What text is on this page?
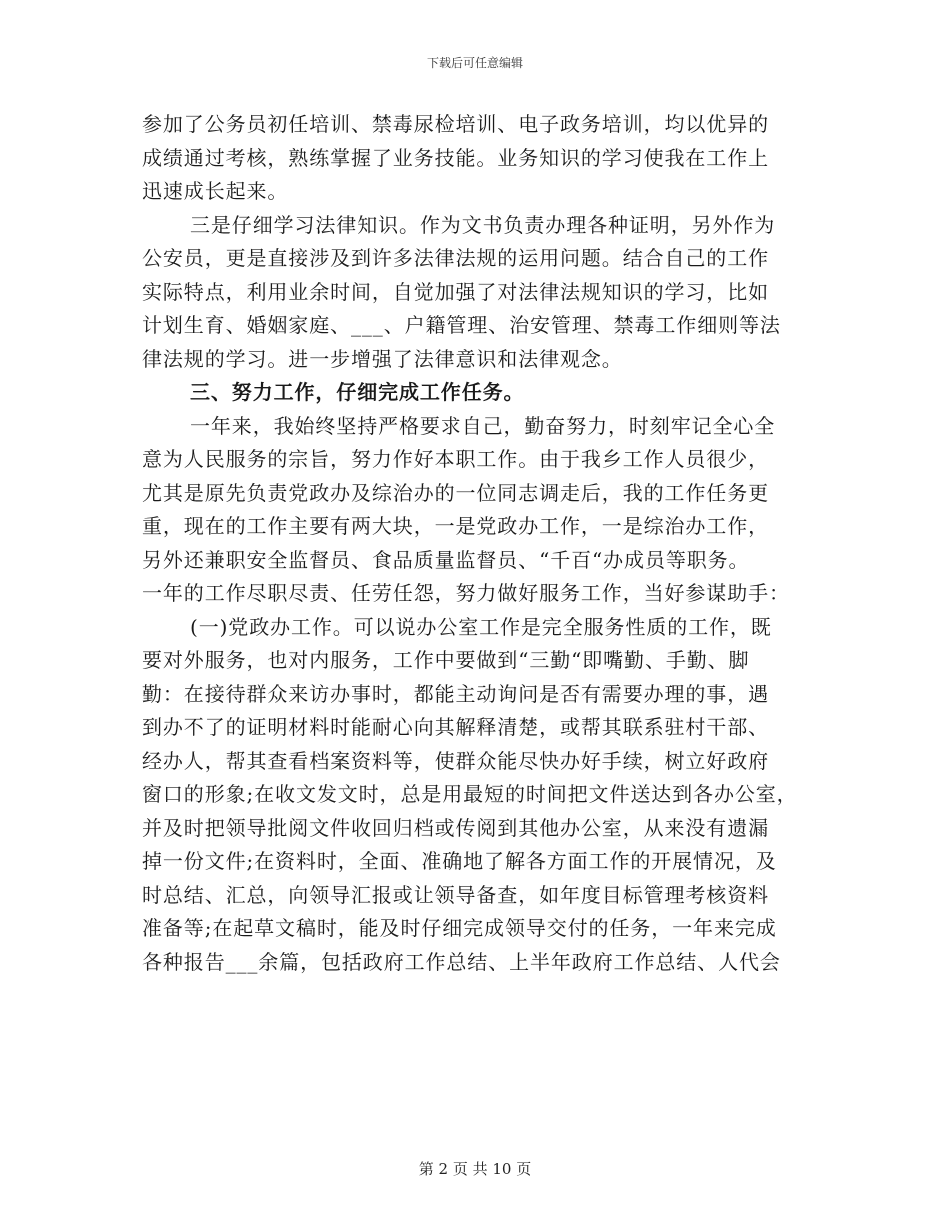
下载后可任意编辑
参加了公务员初任培训、禁毒尿检培训、电子政务培训，均以优异的
成绩通过考核，熟练掌握了业务技能。业务知识的学习使我在工作上
迅速成长起来。
三是仔细学习法律知识。作为文书负责办理各种证明，另外作为
公安员，更是直接涉及到许多法律法规的运用问题。结合自己的工作
实际特点，利用业余时间，自觉加强了对法律法规知识的学习，比如
计划生育、婚姻家庭、___、户籍管理、治安管理、禁毒工作细则等法
律法规的学习。进一步增强了法律意识和法律观念。
三、努力工作，仔细完成工作任务。
一年来，我始终坚持严格要求自己，勤奋努力，时刻牢记全心全
意为人民服务的宗旨，努力作好本职工作。由于我乡工作人员很少，
尤其是原先负责党政办及综治办的一位同志调走后，我的工作任务更
重，现在的工作主要有两大块，一是党政办工作，一是综治办工作，
另外还兼职安全监督员、食品质量监督员、“千百“办成员等职务。
一年的工作尽职尽责、任劳任怨，努力做好服务工作，当好参谋助手：
(一)党政办工作。可以说办公室工作是完全服务性质的工作，既
要对外服务，也对内服务，工作中要做到“三勤“即嘴勤、手勤、脚
勤：在接待群众来访办事时，都能主动询问是否有需要办理的事，遇
到办不了的证明材料时能耐心向其解释清楚，或帮其联系驻村干部、
经办人，帮其查看档案资料等，使群众能尽快办好手续，树立好政府
窗口的形象;在收文发文时，总是用最短的时间把文件送达到各办公室，
并及时把领导批阅文件收回归档或传阅到其他办公室，从来没有遗漏
掉一份文件;在资料时，全面、准确地了解各方面工作的开展情况，及
时总结、汇总，向领导汇报或让领导备查，如年度目标管理考核资料
准备等;在起草文稿时，能及时仔细完成领导交付的任务，一年来完成
各种报告___余篇，包括政府工作总结、上半年政府工作总结、人代会
第 2 页 共 10 页
